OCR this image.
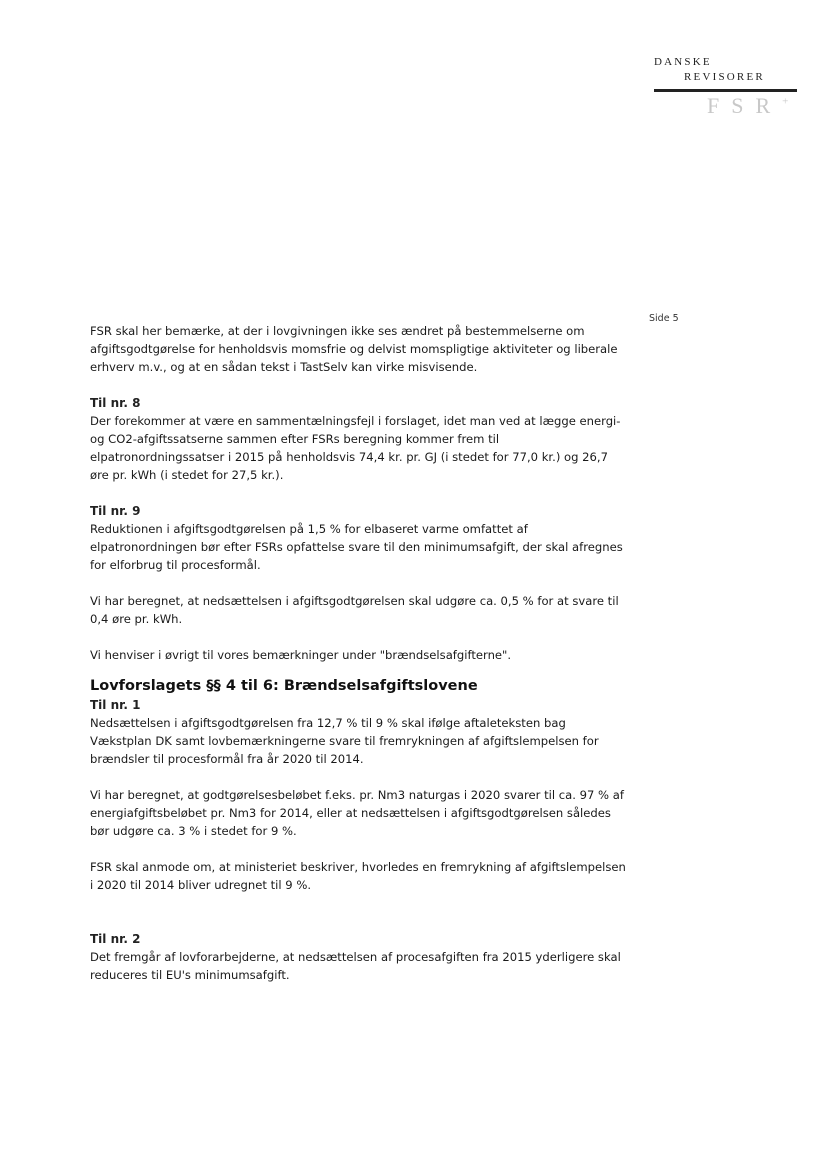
DANSKE
REVISORER
FSR+
Side 5

FSR skal her bemærke, at der i lovgivningen ikke ses ændret på bestemmelserne om afgiftsgodtgørelse for henholdsvis momsfrie og delvist momspligtige aktiviteter og liberale erhverv m.v., og at en sådan tekst i TastSelv kan virke misvisende.

Til nr. 8

Der forekommer at være en sammentælningsfejl i forslaget, idet man ved at lægge energi- og CO2-afgiftssatserne sammen efter FSRs beregning kommer frem til elpatronordningssatser i 2015 på henholdsvis 74,4 kr. pr. GJ (i stedet for 77,0 kr.) og 26,7 øre pr. kWh (i stedet for 27,5 kr.).

Til nr. 9

Reduktionen i afgiftsgodtgørelsen på 1,5 % for elbaseret varme omfattet af elpatronordningen bør efter FSRs opfattelse svare til den minimumsafgift, der skal afregnes for elforbrug til procesformål.

Vi har beregnet, at nedsættelsen i afgiftsgodtgørelsen skal udgøre ca. 0,5 % for at svare til 0,4 øre pr. kWh.

Vi henviser i øvrigt til vores bemærkninger under "brændselsafgifterne".

Lovforslagets §§ 4 til 6: Brændselsafgiftslovene

Til nr. 1

Nedsættelsen i afgiftsgodtgørelsen fra 12,7 % til 9 % skal ifølge aftaleteksten bag Vækstplan DK samt lovbemærkningerne svare til fremrykningen af afgiftslempelsen for brændsler til procesformål fra år 2020 til 2014.

Vi har beregnet, at godtgørelsesbeløbet f.eks. pr. Nm3 naturgas i 2020 svarer til ca. 97 % af energiafgiftsbeløbet pr. Nm3 for 2014, eller at nedsættelsen i afgiftsgodtgørelsen således bør udgøre ca. 3 % i stedet for 9 %.

FSR skal anmode om, at ministeriet beskriver, hvorledes en fremrykning af afgiftslempelsen i 2020 til 2014 bliver udregnet til 9 %.

Til nr. 2

Det fremgår af lovforarbejderne, at nedsættelsen af procesafgiften fra 2015 yderligere skal reduceres til EU's minimumsafgift.
